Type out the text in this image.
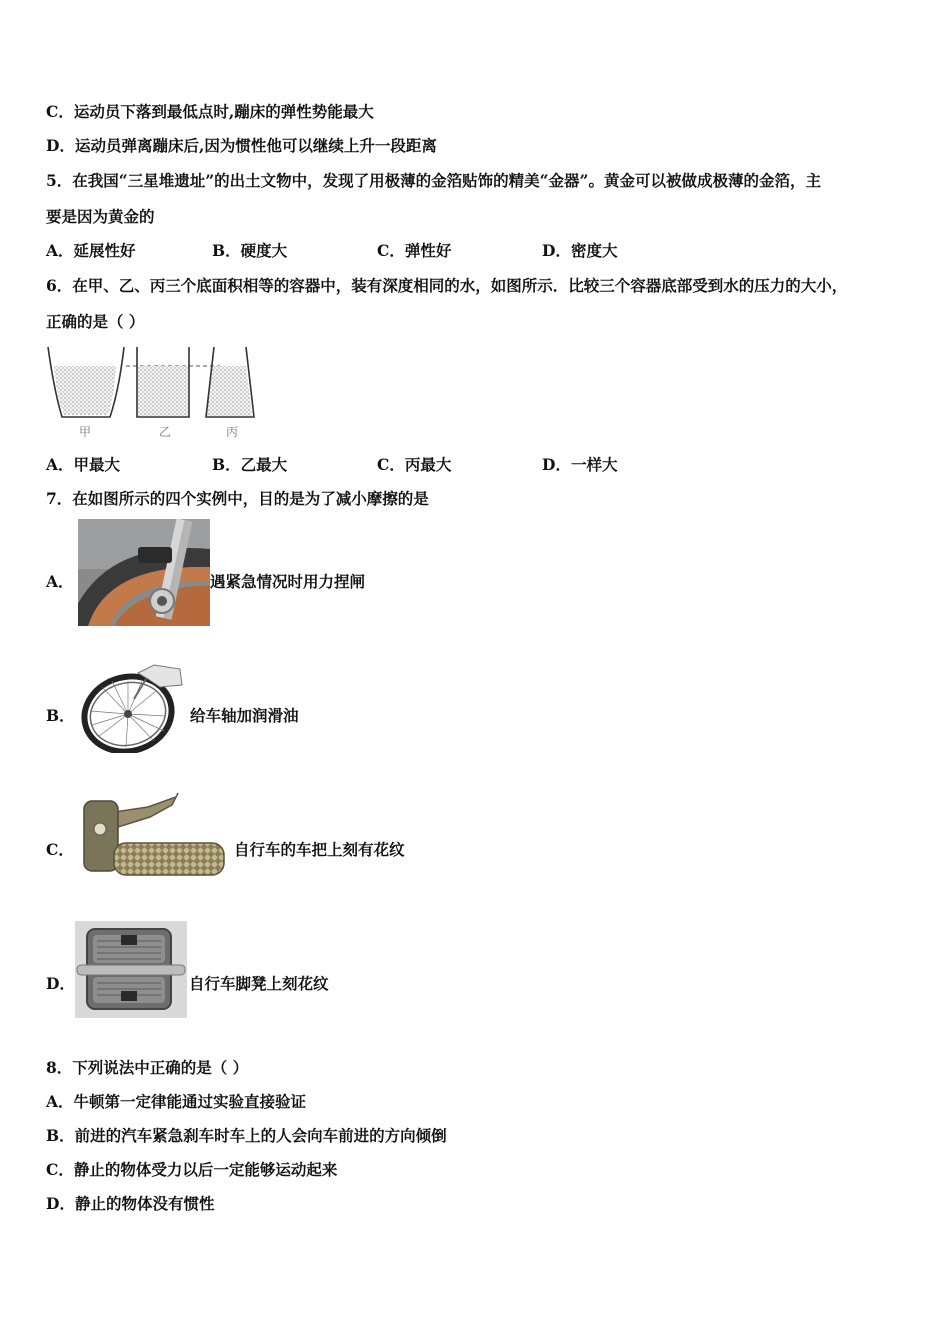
C．运动员下落到最低点时,蹦床的弹性势能最大
D．运动员弹离蹦床后,因为惯性他可以继续上升一段距离
5．在我国“三星堆遗址”的出土文物中，发现了用极薄的金箔贴饰的精美“金器”。黄金可以被做成极薄的金箔，主
要是因为黄金的
A．延展性好	B．硬度大	C．弹性好	D．密度大
6．在甲、乙、丙三个底面积相等的容器中，装有深度相同的水，如图所示．比较三个容器底部受到水的压力的大小，
正确的是（ ）
甲	乙	丙
A．甲最大	B．乙最大	C．丙最大	D．一样大
7．在如图所示的四个实例中，目的是为了减小摩擦的是
A．	遇紧急情况时用力捏闸
B．	给车轴加润滑油
C．	自行车的车把上刻有花纹
D．	自行车脚凳上刻花纹
8．下列说法中正确的是（ ）
A．牛顿第一定律能通过实验直接验证
B．前进的汽车紧急刹车时车上的人会向车前进的方向倾倒
C．静止的物体受力以后一定能够运动起来
D．静止的物体没有惯性
